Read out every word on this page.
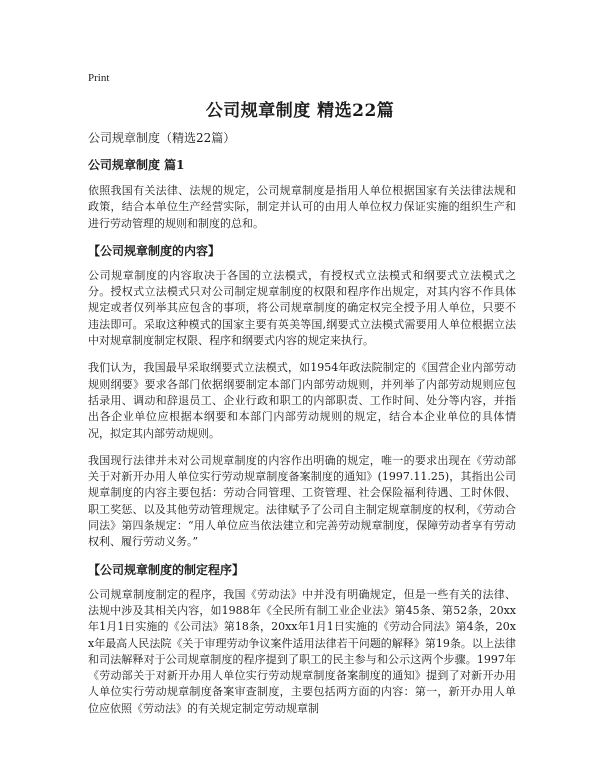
Print
公司规章制度 精选22篇
公司规章制度（精选22篇）
公司规章制度 篇1

依照我国有关法律、法规的规定，公司规章制度是指用人单位根据国家有关法律法规和政策，结合本单位生产经营实际，制定并认可的由用人单位权力保证实施的组织生产和进行劳动管理的规则和制度的总和。

【公司规章制度的内容】

公司规章制度的内容取决于各国的立法模式，有授权式立法模式和纲要式立法模式之分。授权式立法模式只对公司制定规章制度的权限和程序作出规定，对其内容不作具体规定或者仅列举其应包含的事项，将公司规章制度的确定权完全授予用人单位，只要不违法即可。采取这种模式的国家主要有英美等国,纲要式立法模式需要用人单位根据立法中对规章制度制定权限、程序和纲要式内容的规定来执行。

我们认为，我国最早采取纲要式立法模式，如1954年政法院制定的《国营企业内部劳动规则纲要》要求各部门依据纲要制定本部门内部劳动规则，并列举了内部劳动规则应包括录用、调动和辞退员工、企业行政和职工的内部职责、工作时间、处分等内容，并指出各企业单位应根据本纲要和本部门内部劳动规则的规定，结合本企业单位的具体情况，拟定其内部劳动规则。

我国现行法律并未对公司规章制度的内容作出明确的规定，唯一的要求出现在《劳动部关于对新开办用人单位实行劳动规章制度备案制度的通知》(1997.11.25)，其指出公司规章制度的内容主要包括：劳动合同管理、工资管理、社会保险福利待遇、工时休假、职工奖惩、以及其他劳动管理规定。法律赋予了公司自主制定规章制度的权利，《劳动合同法》第四条规定：“用人单位应当依法建立和完善劳动规章制度，保障劳动者享有劳动权利、履行劳动义务。”

【公司规章制度的制定程序】

公司规章制度制定的程序，我国《劳动法》中并没有明确规定，但是一些有关的法律、法规中涉及其相关内容，如1988年《全民所有制工业企业法》第45条、第52条，20xx年1月1日实施的《公司法》第18条，20xx年1月1日实施的《劳动合同法》第4条，20xx年最高人民法院《关于审理劳动争议案件适用法律若干问题的解释》第19条。以上法律和司法解释对于公司规章制度的程序提到了职工的民主参与和公示这两个步骤。1997年《劳动部关于对新开办用人单位实行劳动规章制度备案制度的通知》提到了对新开办用人单位实行劳动规章制度备案审查制度，主要包括两方面的内容：第一，新开办用人单位应依照《劳动法》的有关规定制定劳动规章制
